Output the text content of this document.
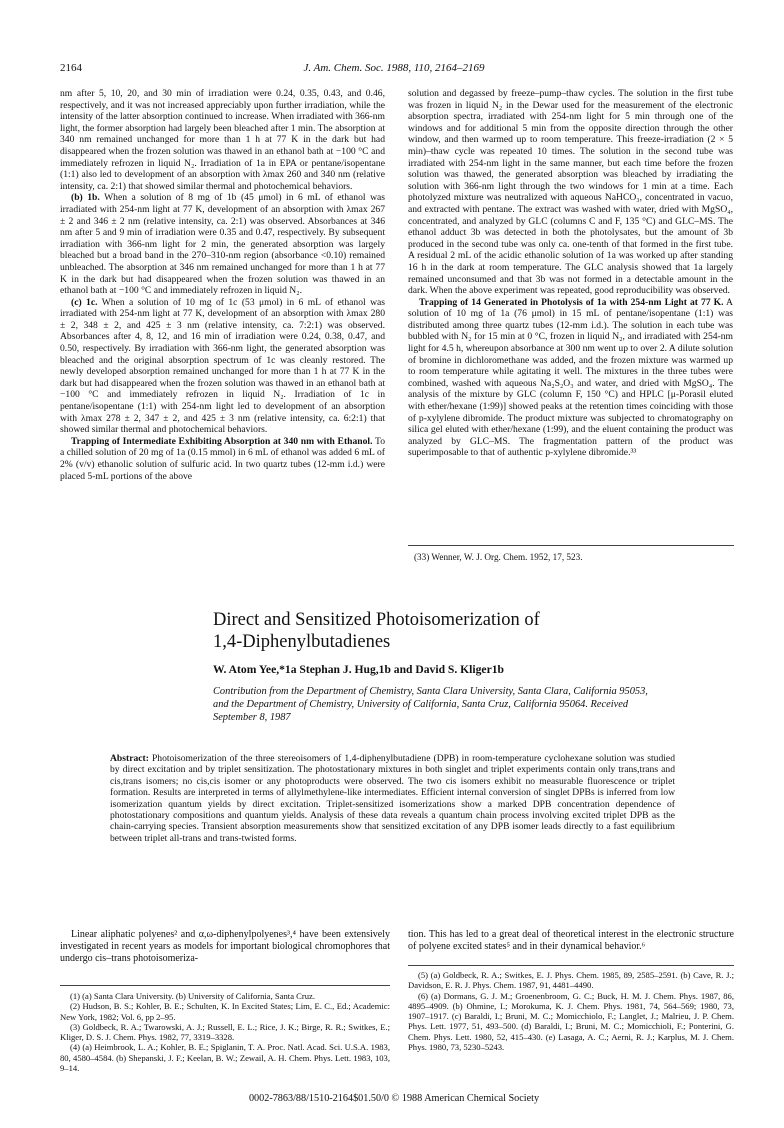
2164	J. Am. Chem. Soc. 1988, 110, 2164–2169

nm after 5, 10, 20, and 30 min of irradiation were 0.24, 0.35, 0.43, and 0.46, respectively, and it was not increased appreciably upon further irradiation, while the intensity of the latter absorption continued to increase. When irradiated with 366-nm light, the former absorption had largely been bleached after 1 min. The absorption at 340 nm remained unchanged for more than 1 h at 77 K in the dark but had disappeared when the frozen solution was thawed in an ethanol bath at −100 °C and immediately refrozen in liquid N₂. Irradiation of 1a in EPA or pentane/isopentane (1:1) also led to development of an absorption with λmax 260 and 340 nm (relative intensity, ca. 2:1) that showed similar thermal and photochemical behaviors.

(b) 1b. When a solution of 8 mg of 1b (45 μmol) in 6 mL of ethanol was irradiated with 254-nm light at 77 K, development of an absorption with λmax 267 ± 2 and 346 ± 2 nm (relative intensity, ca. 2:1) was observed. Absorbances at 346 nm after 5 and 9 min of irradiation were 0.35 and 0.47, respectively. By subsequent irradiation with 366-nm light for 2 min, the generated absorption was largely bleached but a broad band in the 270–310-nm region (absorbance <0.10) remained unbleached. The absorption at 346 nm remained unchanged for more than 1 h at 77 K in the dark but had disappeared when the frozen solution was thawed in an ethanol bath at −100 °C and immediately refrozen in liquid N₂.

(c) 1c. When a solution of 10 mg of 1c (53 μmol) in 6 mL of ethanol was irradiated with 254-nm light at 77 K, development of an absorption with λmax 280 ± 2, 348 ± 2, and 425 ± 3 nm (relative intensity, ca. 7:2:1) was observed. Absorbances after 4, 8, 12, and 16 min of irradiation were 0.24, 0.38, 0.47, and 0.50, respectively. By irradiation with 366-nm light, the generated absorption was bleached and the original absorption spectrum of 1c was cleanly restored. The newly developed absorption remained unchanged for more than 1 h at 77 K in the dark but had disappeared when the frozen solution was thawed in an ethanol bath at −100 °C and immediately refrozen in liquid N₂. Irradiation of 1c in pentane/isopentane (1:1) with 254-nm light led to development of an absorption with λmax 278 ± 2, 347 ± 2, and 425 ± 3 nm (relative intensity, ca. 6:2:1) that showed similar thermal and photochemical behaviors.

Trapping of Intermediate Exhibiting Absorption at 340 nm with Ethanol. To a chilled solution of 20 mg of 1a (0.15 mmol) in 6 mL of ethanol was added 6 mL of 2% (v/v) ethanolic solution of sulfuric acid. In two quartz tubes (12-mm i.d.) were placed 5-mL portions of the above

solution and degassed by freeze–pump–thaw cycles. The solution in the first tube was frozen in liquid N₂ in the Dewar used for the measurement of the electronic absorption spectra, irradiated with 254-nm light for 5 min through one of the windows and for additional 5 min from the opposite direction through the other window, and then warmed up to room temperature. This freeze-irradiation (2 × 5 min)–thaw cycle was repeated 10 times. The solution in the second tube was irradiated with 254-nm light in the same manner, but each time before the frozen solution was thawed, the generated absorption was bleached by irradiating the solution with 366-nm light through the two windows for 1 min at a time. Each photolyzed mixture was neutralized with aqueous NaHCO₃, concentrated in vacuo, and extracted with pentane. The extract was washed with water, dried with MgSO₄, concentrated, and analyzed by GLC (columns C and F, 135 °C) and GLC–MS. The ethanol adduct 3b was detected in both the photolysates, but the amount of 3b produced in the second tube was only ca. one-tenth of that formed in the first tube. A residual 2 mL of the acidic ethanolic solution of 1a was worked up after standing 16 h in the dark at room temperature. The GLC analysis showed that 1a largely remained unconsumed and that 3b was not formed in a detectable amount in the dark. When the above experiment was repeated, good reproducibility was observed.

Trapping of 14 Generated in Photolysis of 1a with 254-nm Light at 77 K. A solution of 10 mg of 1a (76 μmol) in 15 mL of pentane/isopentane (1:1) was distributed among three quartz tubes (12-mm i.d.). The solution in each tube was bubbled with N₂ for 15 min at 0 °C, frozen in liquid N₂, and irradiated with 254-nm light for 4.5 h, whereupon absorbance at 300 nm went up to over 2. A dilute solution of bromine in dichloromethane was added, and the frozen mixture was warmed up to room temperature while agitating it well. The mixtures in the three tubes were combined, washed with aqueous Na₂S₂O₃ and water, and dried with MgSO₄. The analysis of the mixture by GLC (column F, 150 °C) and HPLC [μ-Porasil eluted with ether/hexane (1:99)] showed peaks at the retention times coinciding with those of p-xylylene dibromide. The product mixture was subjected to chromatography on silica gel eluted with ether/hexane (1:99), and the eluent containing the product was analyzed by GLC–MS. The fragmentation pattern of the product was superimposable to that of authentic p-xylylene dibromide.³³

(33) Wenner, W. J. Org. Chem. 1952, 17, 523.
Direct and Sensitized Photoisomerization of
1,4-Diphenylbutadienes
W. Atom Yee,*1a Stephan J. Hug,1b and David S. Kliger1b
Contribution from the Department of Chemistry, Santa Clara University, Santa Clara, California 95053, and the Department of Chemistry, University of California, Santa Cruz, California 95064. Received September 8, 1987
Abstract: Photoisomerization of the three stereoisomers of 1,4-diphenylbutadiene (DPB) in room-temperature cyclohexane solution was studied by direct excitation and by triplet sensitization. The photostationary mixtures in both singlet and triplet experiments contain only trans,trans and cis,trans isomers; no cis,cis isomer or any photoproducts were observed. The two cis isomers exhibit no measurable fluorescence or triplet formation. Results are interpreted in terms of allylmethylene-like intermediates. Efficient internal conversion of singlet DPBs is inferred from low isomerization quantum yields by direct excitation. Triplet-sensitized isomerizations show a marked DPB concentration dependence of photostationary compositions and quantum yields. Analysis of these data reveals a quantum chain process involving excited triplet DPB as the chain-carrying species. Transient absorption measurements show that sensitized excitation of any DPB isomer leads directly to a fast equilibrium between triplet all-trans and trans-twisted forms.
Linear aliphatic polyenes² and α,ω-diphenylpolyenes³,⁴ have been extensively investigated in recent years as models for important biological chromophores that undergo cis–trans photoisomeriza-
tion. This has led to a great deal of theoretical interest in the electronic structure of polyene excited states⁵ and in their dynamical behavior.⁶

(1) (a) Santa Clara University. (b) University of California, Santa Cruz.

(2) Hudson, B. S.; Kohler, B. E.; Schulten, K. In Excited States; Lim, E. C., Ed.; Academic: New York, 1982; Vol. 6, pp 2–95.

(3) Goldbeck, R. A.; Twarowski, A. J.; Russell, E. L.; Rice, J. K.; Birge, R. R.; Switkes, E.; Kliger, D. S. J. Chem. Phys. 1982, 77, 3319–3328.

(4) (a) Heimbrook, L. A.; Kohler, B. E.; Spiglanin, T. A. Proc. Natl. Acad. Sci. U.S.A. 1983, 80, 4580–4584. (b) Shepanski, J. F.; Keelan, B. W.; Zewail, A. H. Chem. Phys. Lett. 1983, 103, 9–14.

(5) (a) Goldbeck, R. A.; Switkes, E. J. Phys. Chem. 1985, 89, 2585–2591. (b) Cave, R. J.; Davidson, E. R. J. Phys. Chem. 1987, 91, 4481–4490.

(6) (a) Dormans, G. J. M.; Groenenbroom, G. C.; Buck, H. M. J. Chem. Phys. 1987, 86, 4895–4909. (b) Ohmine, I.; Morokuma, K. J. Chem. Phys. 1981, 74, 564–569; 1980, 73, 1907–1917. (c) Baraldi, I.; Bruni, M. C.; Momicchiolo, F.; Langlet, J.; Malrieu, J. P. Chem. Phys. Lett. 1977, 51, 493–500. (d) Baraldi, I.; Bruni, M. C.; Momicchioli, F.; Ponterini, G. Chem. Phys. Lett. 1980, 52, 415–430. (e) Lasaga, A. C.; Aerni, R. J.; Karplus, M. J. Chem. Phys. 1980, 73, 5230–5243.

0002-7863/88/1510-2164$01.50/0 © 1988 American Chemical Society
